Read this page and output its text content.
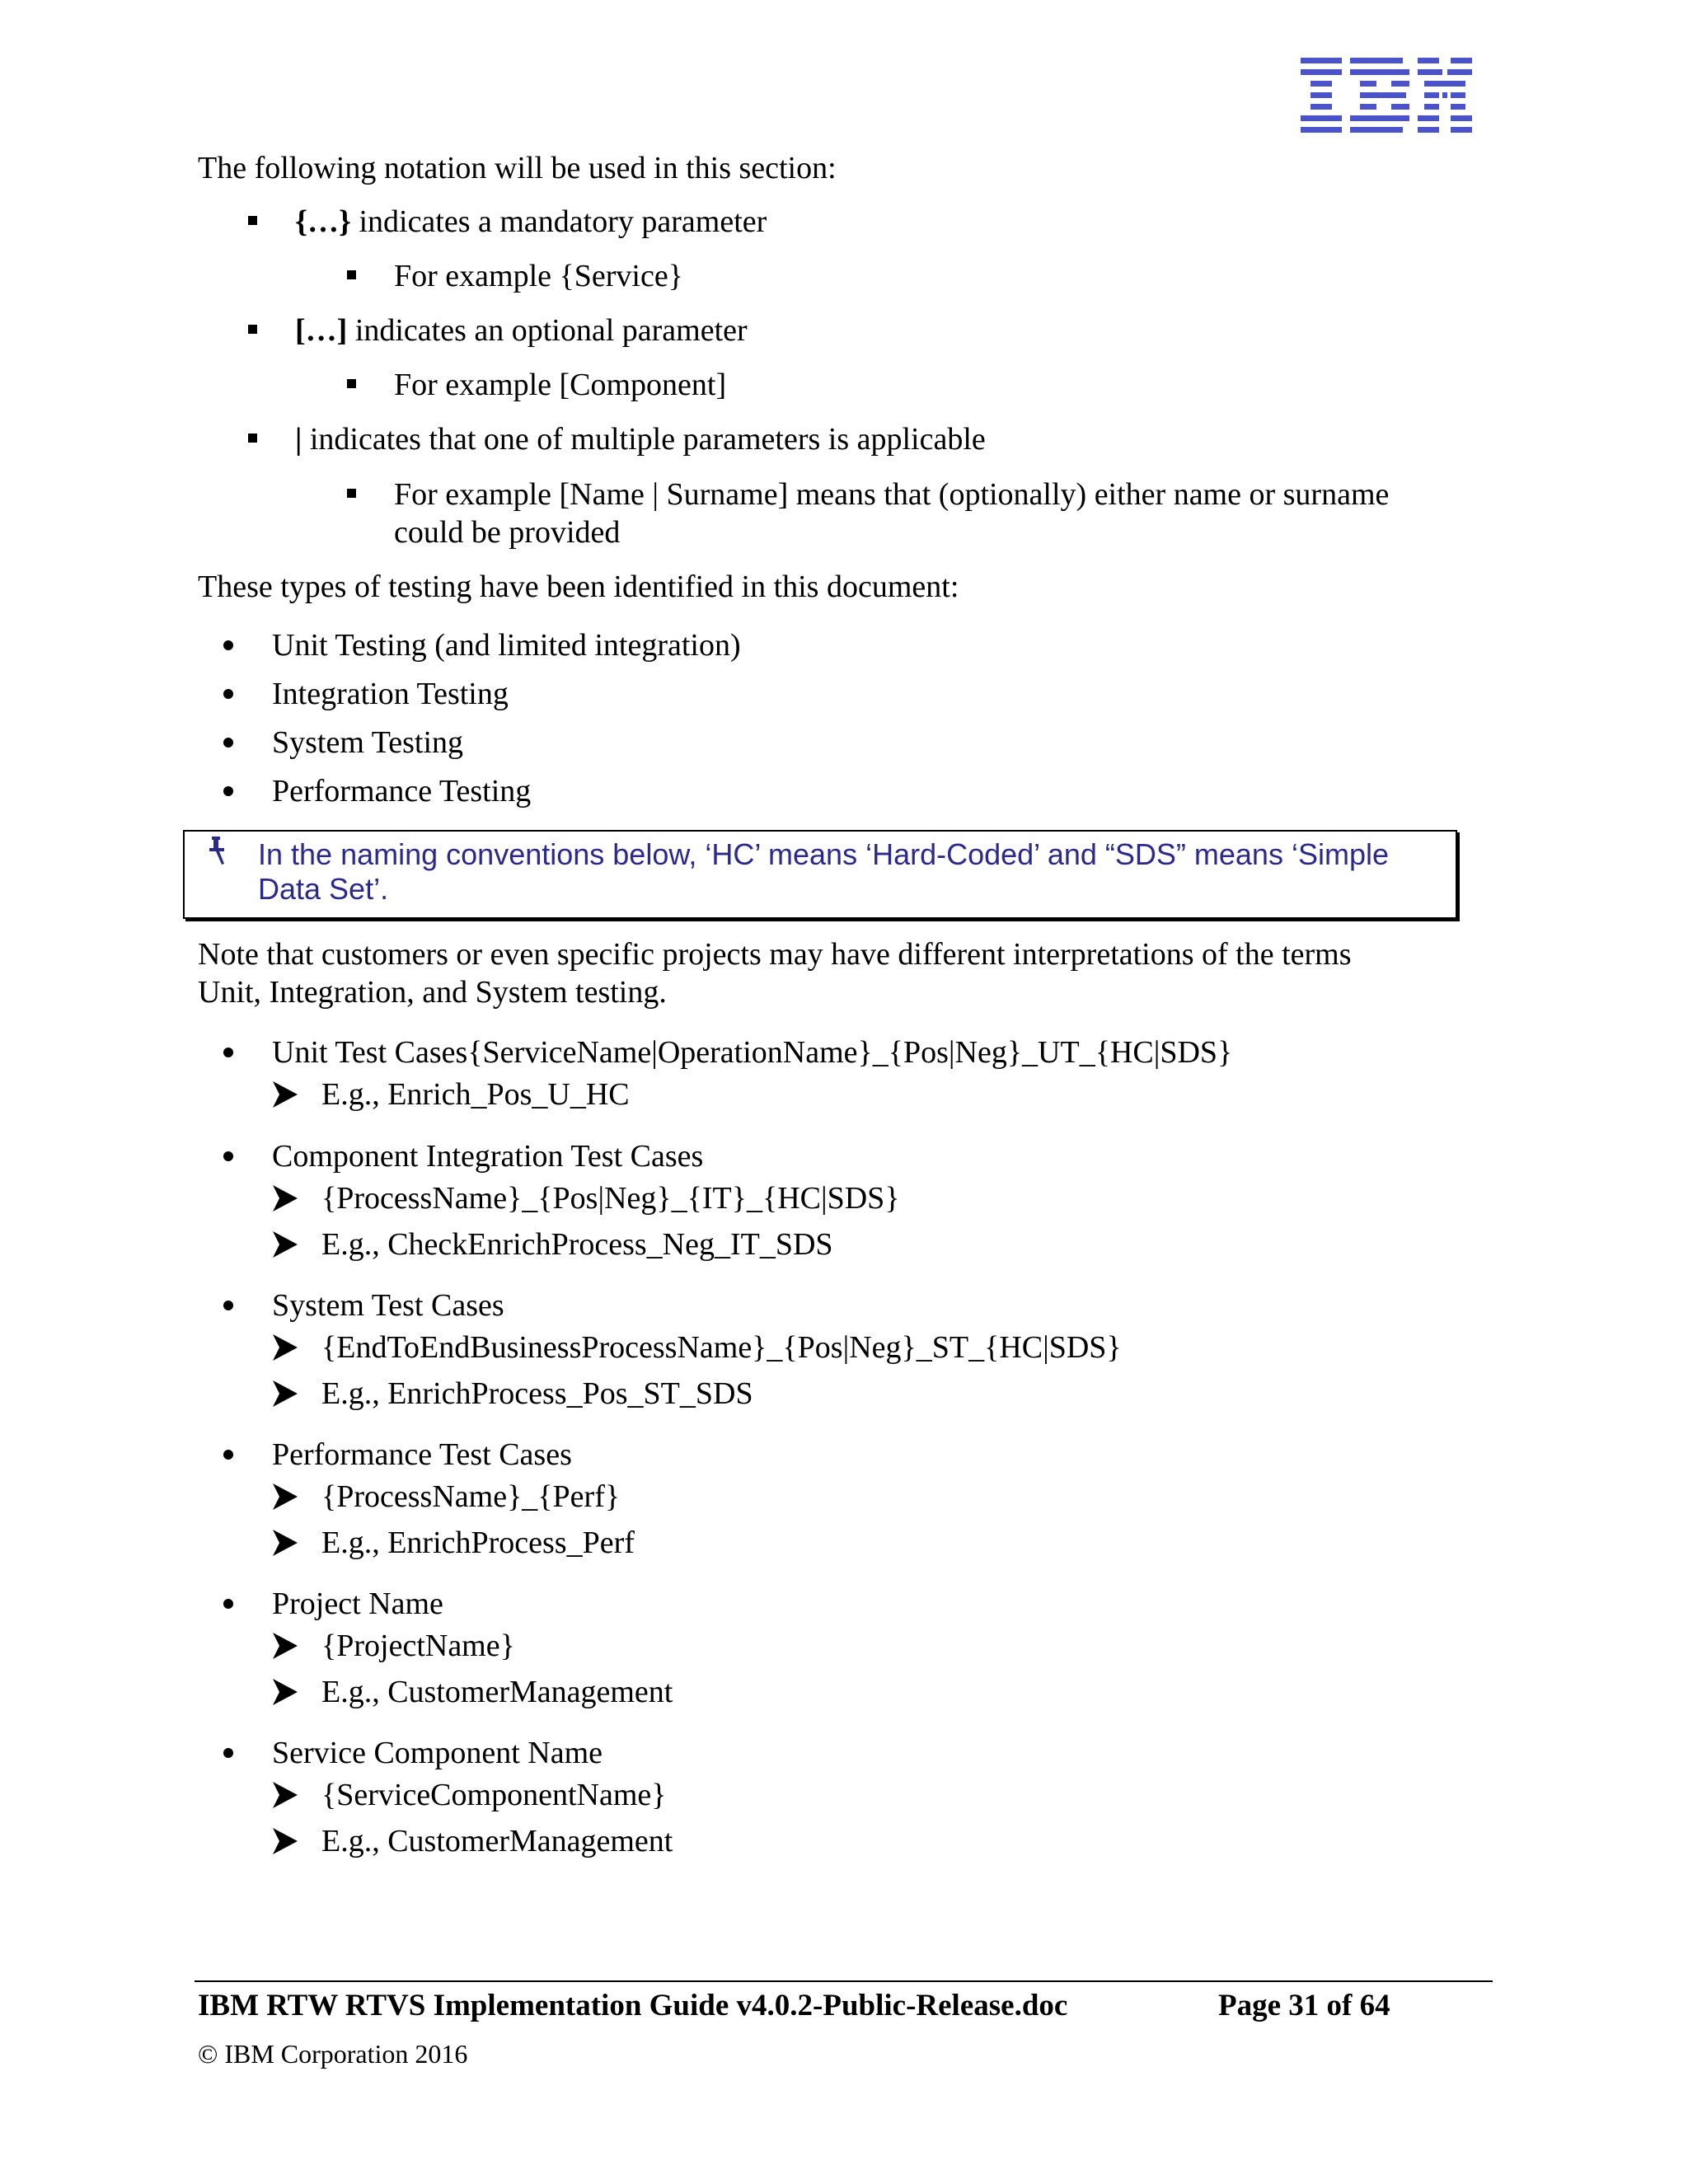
IBM
The following notation will be used in this section:
{…} indicates a mandatory parameter
For example {Service}
[…] indicates an optional parameter
For example [Component]
| indicates that one of multiple parameters is applicable
For example [Name | Surname] means that (optionally) either name or surname
could be provided
These types of testing have been identified in this document:
Unit Testing (and limited integration)
Integration Testing
System Testing
Performance Testing
In the naming conventions below, ‘HC’ means ‘Hard-Coded’ and “SDS” means ‘Simple Data Set’.
Note that customers or even specific projects may have different interpretations of the terms
Unit, Integration, and System testing.
Unit Test Cases{ServiceName|OperationName}_{Pos|Neg}_UT_{HC|SDS}
E.g., Enrich_Pos_U_HC
Component Integration Test Cases
{ProcessName}_{Pos|Neg}_{IT}_{HC|SDS}
E.g., CheckEnrichProcess_Neg_IT_SDS
System Test Cases
{EndToEndBusinessProcessName}_{Pos|Neg}_ST_{HC|SDS}
E.g., EnrichProcess_Pos_ST_SDS
Performance Test Cases
{ProcessName}_{Perf}
E.g., EnrichProcess_Perf
Project Name
{ProjectName}
E.g., CustomerManagement
Service Component Name
{ServiceComponentName}
E.g., CustomerManagement
IBM RTW RTVS Implementation Guide v4.0.2-Public-Release.doc	Page 31 of 64
© IBM Corporation 2016
